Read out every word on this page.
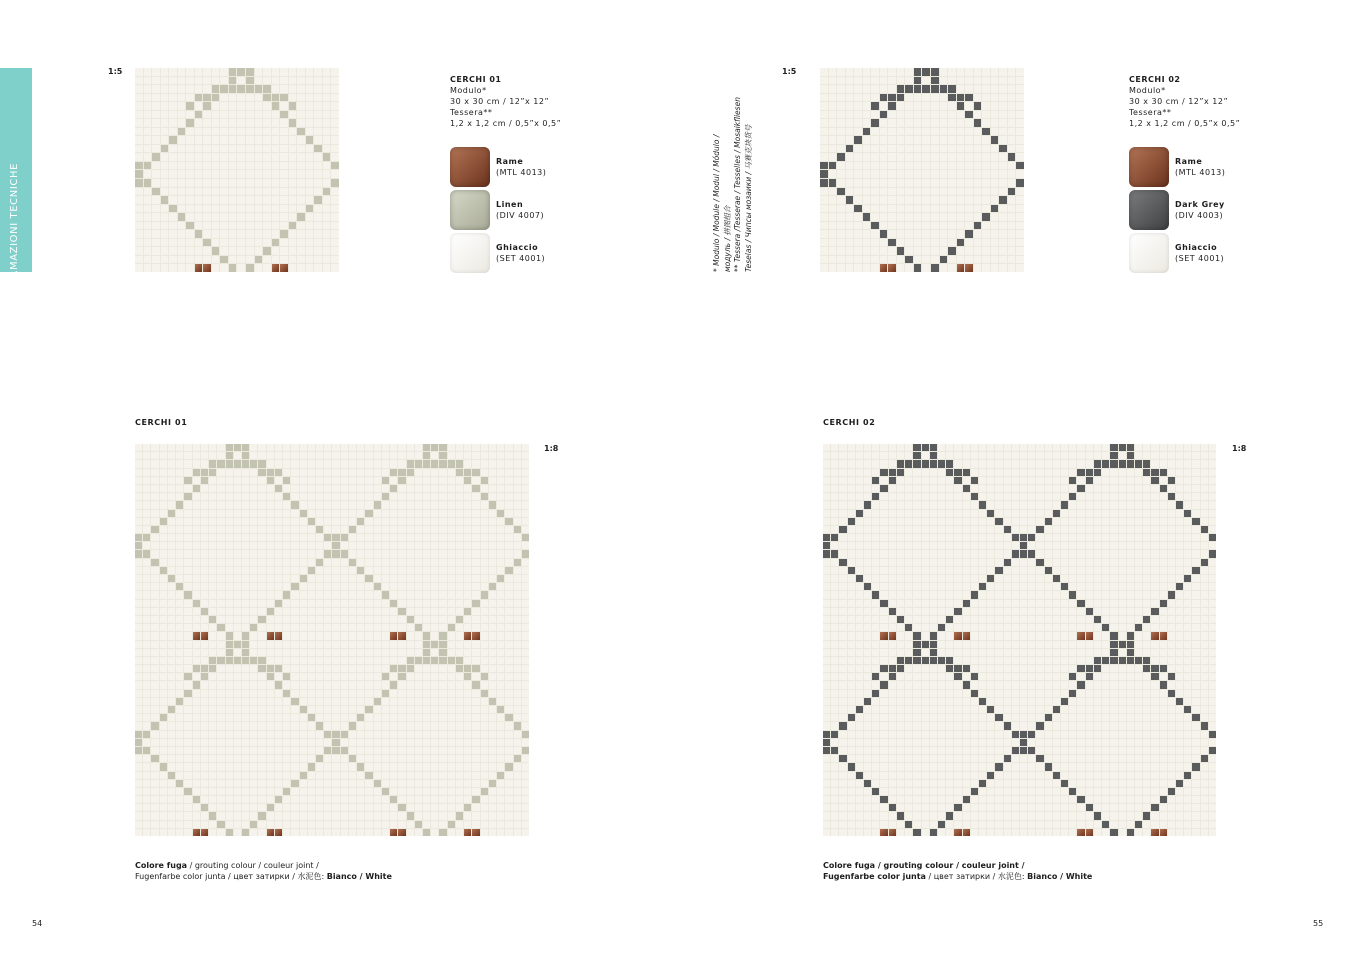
INFORMAZIONI TECNICHE
1:5
CERCHI 01
Modulo*
30 x 30 cm / 12”x 12”
Tessera**
1,2 x 1,2 cm / 0,5”x 0,5”
Rame
(MTL 4013)
Linen
(DIV 4007)
Ghiaccio
(SET 4001)
CERCHI 01
1:8
Colore fuga / grouting colour / couleur joint /
Fugenfarbe color junta / цвет затирки / 水泥色: Bianco / White
54
* Modulo / Module / Modul / Módulo / модуль / 拼图组合 ** Tessera /Tesserae / Tesselles / Mosaikfliesen Teselas / Чипсы мозаики / 马赛克块货号
1:5
CERCHI 02
Modulo*
30 x 30 cm / 12”x 12”
Tessera**
1,2 x 1,2 cm / 0,5”x 0,5”
Rame
(MTL 4013)
Dark Grey
(DIV 4003)
Ghiaccio
(SET 4001)
CERCHI 02
1:8
Colore fuga / grouting colour / couleur joint /
Fugenfarbe color junta / цвет затирки / 水泥色: Bianco / White
55
